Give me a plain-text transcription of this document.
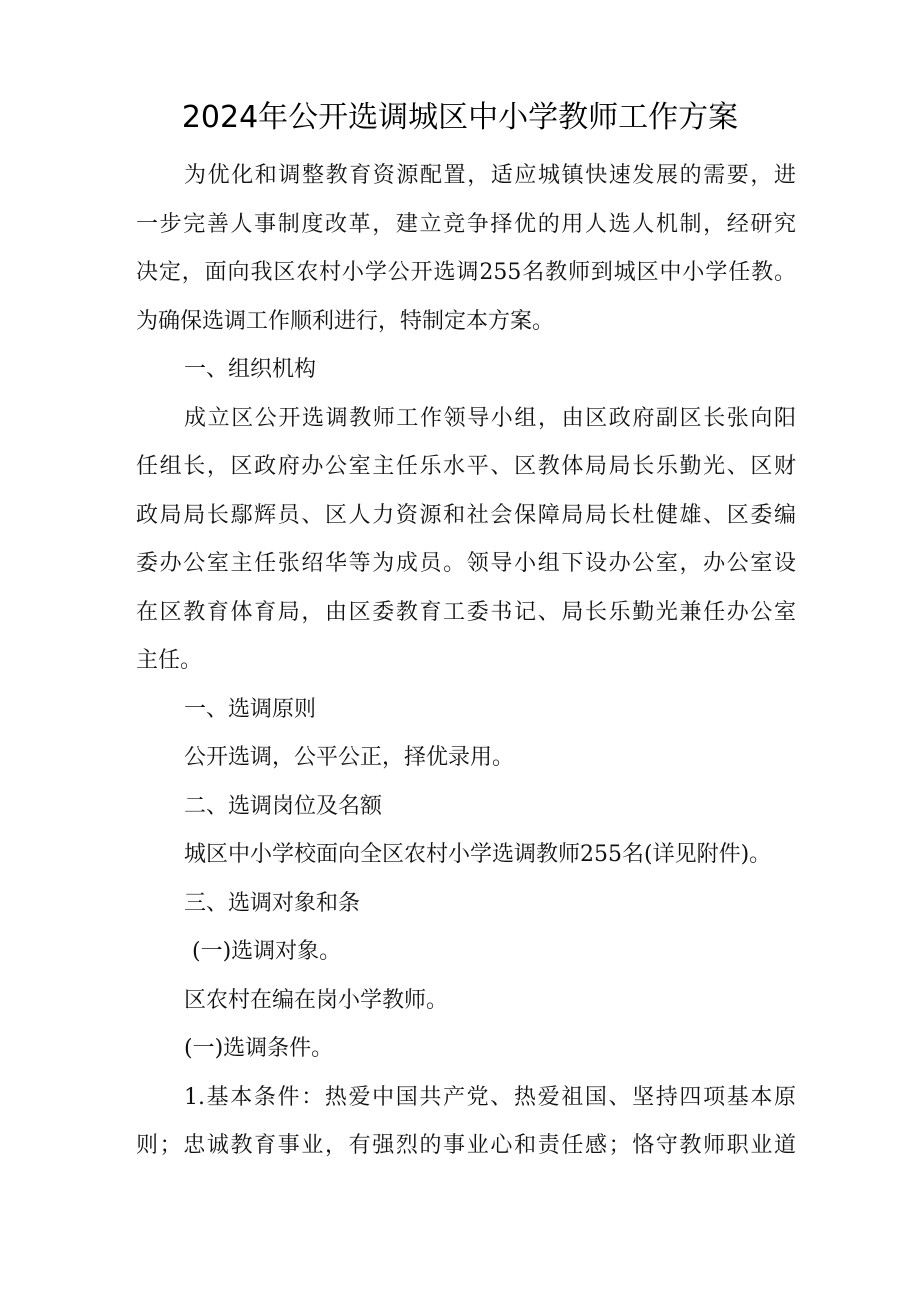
2024年公开选调城区中小学教师工作方案
为优化和调整教育资源配置，适应城镇快速发展的需要，进
一步完善人事制度改革，建立竞争择优的用人选人机制，经研究
决定，面向我区农村小学公开选调255名教师到城区中小学任教。
为确保选调工作顺利进行，特制定本方案。
一、组织机构
成立区公开选调教师工作领导小组，由区政府副区长张向阳
任组长，区政府办公室主任乐水平、区教体局局长乐勤光、区财
政局局长鄢辉员、区人力资源和社会保障局局长杜健雄、区委编
委办公室主任张绍华等为成员。领导小组下设办公室，办公室设
在区教育体育局，由区委教育工委书记、局长乐勤光兼任办公室
主任。
一、选调原则
公开选调，公平公正，择优录用。
二、选调岗位及名额
城区中小学校面向全区农村小学选调教师255名(详见附件)。
三、选调对象和条
(一)选调对象。
区农村在编在岗小学教师。
(一)选调条件。
1.基本条件：热爱中国共产党、热爱祖国、坚持四项基本原
则；忠诚教育事业，有强烈的事业心和责任感；恪守教师职业道
